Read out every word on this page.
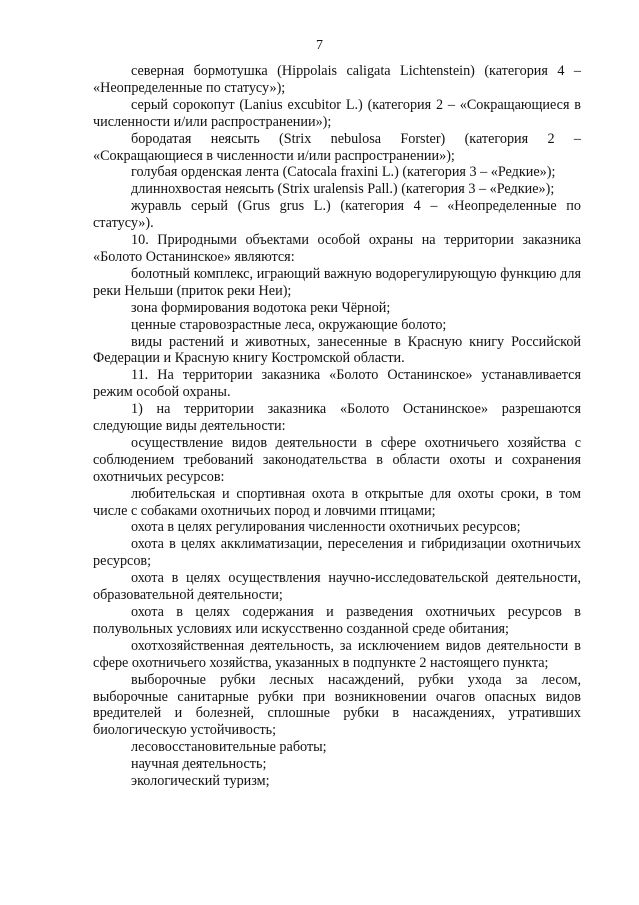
7

северная бормотушка (Hippolais caligata Lichtenstein) (категория 4 – «Неопределенные по статусу»);

серый сорокопут (Lanius excubitor L.) (категория 2 – «Сокращающиеся в численности и/или распространении»);

бородатая неясыть (Strix nebulosa Forster) (категория 2 – «Сокращающиеся в численности и/или распространении»);

голубая орденская лента (Catocala fraxini L.) (категория 3 – «Редкие»);

длиннохвостая неясыть (Strix uralensis Pall.) (категория 3 – «Редкие»);

журавль серый (Grus grus L.) (категория 4 – «Неопределенные по статусу»).

10. Природными объектами особой охраны на территории заказника «Болото Останинское» являются:

болотный комплекс, играющий важную водорегулирующую функцию для реки Нельши (приток реки Неи);

зона формирования водотока реки Чёрной;

ценные старовозрастные леса, окружающие болото;

виды растений и животных, занесенные в Красную книгу Российской Федерации и Красную книгу Костромской области.

11. На территории заказника «Болото Останинское» устанавливается режим особой охраны.

1) на территории заказника «Болото Останинское» разрешаются следующие виды деятельности:

осуществление видов деятельности в сфере охотничьего хозяйства с соблюдением требований законодательства в области охоты и сохранения охотничьих ресурсов:

любительская и спортивная охота в открытые для охоты сроки, в том числе с собаками охотничьих пород и ловчими птицами;

охота в целях регулирования численности охотничьих ресурсов;

охота в целях акклиматизации, переселения и гибридизации охотничьих ресурсов;

охота в целях осуществления научно-исследовательской деятельности, образовательной деятельности;

охота в целях содержания и разведения охотничьих ресурсов в полувольных условиях или искусственно созданной среде обитания;

охотхозяйственная деятельность, за исключением видов деятельности в сфере охотничьего хозяйства, указанных в подпункте 2 настоящего пункта;

выборочные рубки лесных насаждений, рубки ухода за лесом, выборочные санитарные рубки при возникновении очагов опасных видов вредителей и болезней, сплошные рубки в насаждениях, утративших биологическую устойчивость;

лесовосстановительные работы;

научная деятельность;

экологический туризм;
